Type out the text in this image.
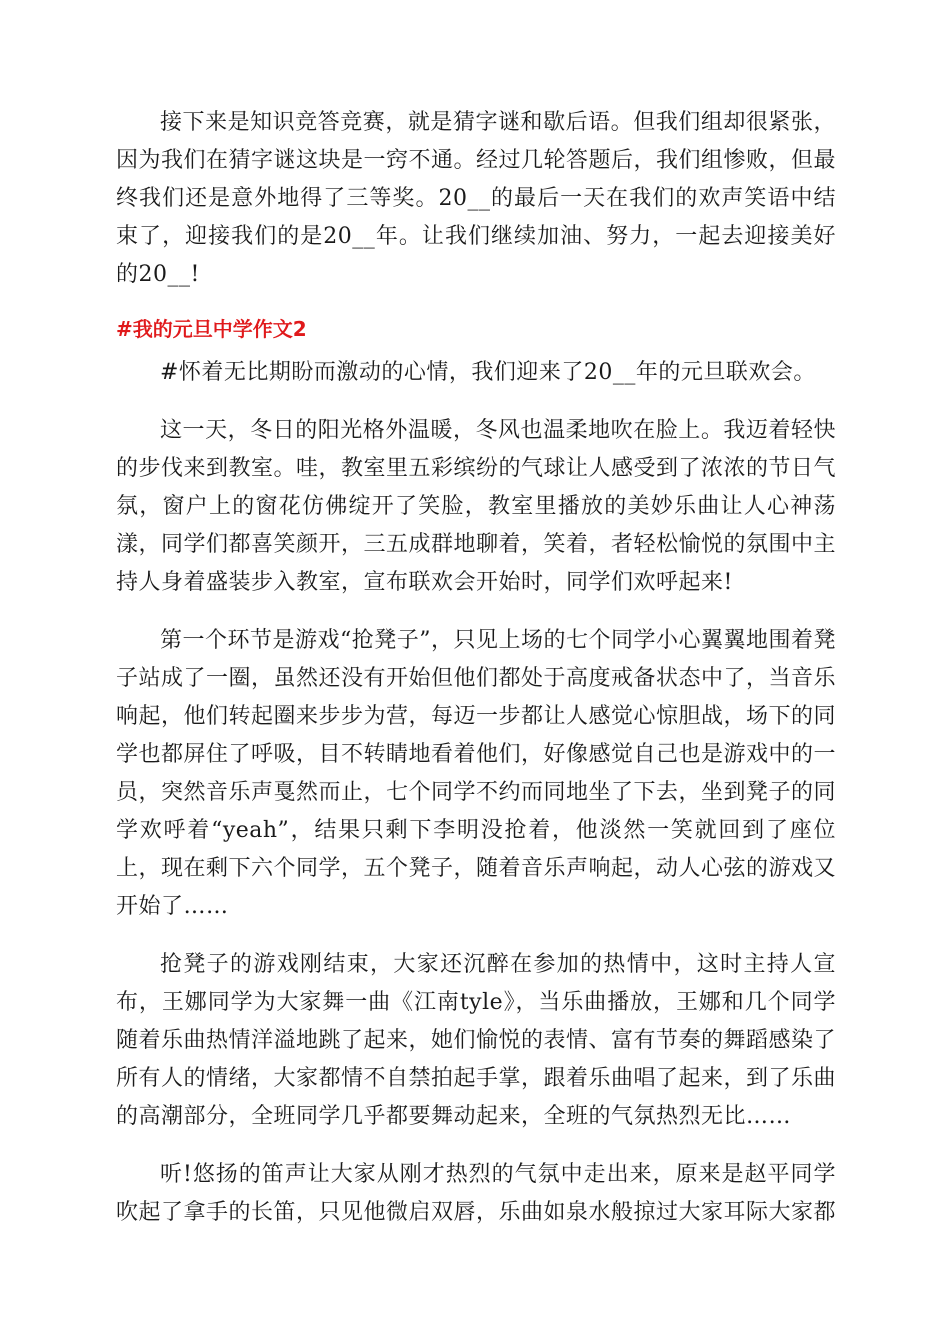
接下来是知识竞答竞赛，就是猜字谜和歇后语。但我们组却很紧张，因为我们在猜字谜这块是一窍不通。经过几轮答题后，我们组惨败，但最终我们还是意外地得了三等奖。20__的最后一天在我们的欢声笑语中结束了，迎接我们的是20__年。让我们继续加油、努力，一起去迎接美好的20__!

#我的元旦中学作文2

#怀着无比期盼而激动的心情，我们迎来了20__年的元旦联欢会。

这一天，冬日的阳光格外温暖，冬风也温柔地吹在脸上。我迈着轻快的步伐来到教室。哇，教室里五彩缤纷的气球让人感受到了浓浓的节日气氛，窗户上的窗花仿佛绽开了笑脸，教室里播放的美妙乐曲让人心神荡漾，同学们都喜笑颜开，三五成群地聊着，笑着，者轻松愉悦的氛围中主持人身着盛装步入教室，宣布联欢会开始时，同学们欢呼起来!

第一个环节是游戏“抢凳子”，只见上场的七个同学小心翼翼地围着凳子站成了一圈，虽然还没有开始但他们都处于高度戒备状态中了，当音乐响起，他们转起圈来步步为营，每迈一步都让人感觉心惊胆战，场下的同学也都屏住了呼吸，目不转睛地看着他们，好像感觉自己也是游戏中的一员，突然音乐声戛然而止，七个同学不约而同地坐了下去，坐到凳子的同学欢呼着“yeah”，结果只剩下李明没抢着，他淡然一笑就回到了座位上，现在剩下六个同学，五个凳子，随着音乐声响起，动人心弦的游戏又开始了……

抢凳子的游戏刚结束，大家还沉醉在参加的热情中，这时主持人宣布，王娜同学为大家舞一曲《江南tyle》，当乐曲播放，王娜和几个同学随着乐曲热情洋溢地跳了起来，她们愉悦的表情、富有节奏的舞蹈感染了所有人的情绪，大家都情不自禁拍起手掌，跟着乐曲唱了起来，到了乐曲的高潮部分，全班同学几乎都要舞动起来，全班的气氛热烈无比……

听!悠扬的笛声让大家从刚才热烈的气氛中走出来，原来是赵平同学吹起了拿手的长笛，只见他微启双唇，乐曲如泉水般掠过大家耳际大家都
